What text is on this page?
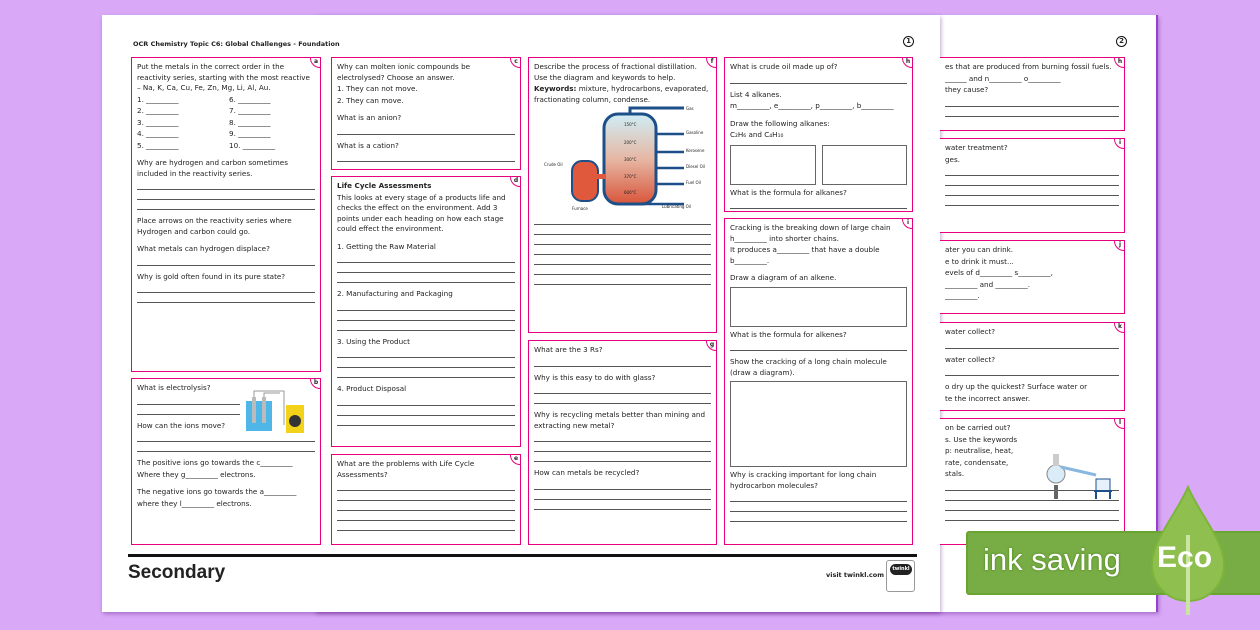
OCR Chemistry Topic C6: Global Challenges - Foundation	1	2
a
Put the metals in the correct order in the reactivity series, starting with the most reactive – Na, K, Ca, Cu, Fe, Zn, Mg, Li, Al, Au.
1. _________	6. _________
2. _________	7. _________
3. _________	8. _________
4. _________	9. _________
5. _________	10. _________
Why are hydrogen and carbon sometimes included in the reactivity series.
Place arrows on the reactivity series where Hydrogen and carbon could go.
What metals can hydrogen displace?
Why is gold often found in its pure state?
b
What is electrolysis?
How can the ions move?
The positive ions go towards the c_________
Where they g_________ electrons.
The negative ions go towards the a_________
where they l_________ electrons.
c
Why can molten ionic compounds be electrolysed? Choose an answer.
1. They can not move.
2. They can move.
What is an anion?
What is a cation?
d
Life Cycle Assessments
This looks at every stage of a products life and checks the effect on the environment. Add 3 points under each heading on how each stage could effect the environment.
1. Getting the Raw Material
2. Manufacturing and Packaging
3. Using the Product
4. Product Disposal
e
What are the problems with Life Cycle Assessments?
f
Describe the process of fractional distillation. Use the diagram and keywords to help.
Keywords: mixture, hydrocarbons, evaporated, fractionating column, condense.
150°C
200°C
300°C
370°C
600°C
Gas
Gasoline
Kerosene
Diesel Oil
Fuel Oil
Lubricating Oil
Crude Oil
Furnace
g
What are the 3 Rs?
Why is this easy to do with glass?
Why is recycling metals better than mining and extracting new metal?
How can metals be recycled?
h
What is crude oil made up of?
List 4 alkanes.
m_________, e_________, p_________, b_________
Draw the following alkanes:
C₂H₆ and C₄H₁₀
What is the formula for alkanes?
i
Cracking is the breaking down of large chain h_________ into shorter chains.
It produces a_________ that have a double b_________.
Draw a diagram of an alkene.
What is the formula for alkenes?
Show the cracking of a long chain molecule (draw a diagram).
Why is cracking important for long chain hydrocarbon molecules?
h
es that are produced from burning fossil fuels.
______ and n_________ o_________
they cause?
i
water treatment?
ges.
j
ater you can drink.
e to drink it must...
evels of d_________ s_________,
_________ and _________.
_________.
k
water collect?
water collect?
o dry up the quickest? Surface water or
te the incorrect answer.
l
on be carried out?
s. Use the keywords
p: neutralise, heat,
rate, condensate,
stals.
Secondary	visit twinkl.com
twinkl ink saving Eco
